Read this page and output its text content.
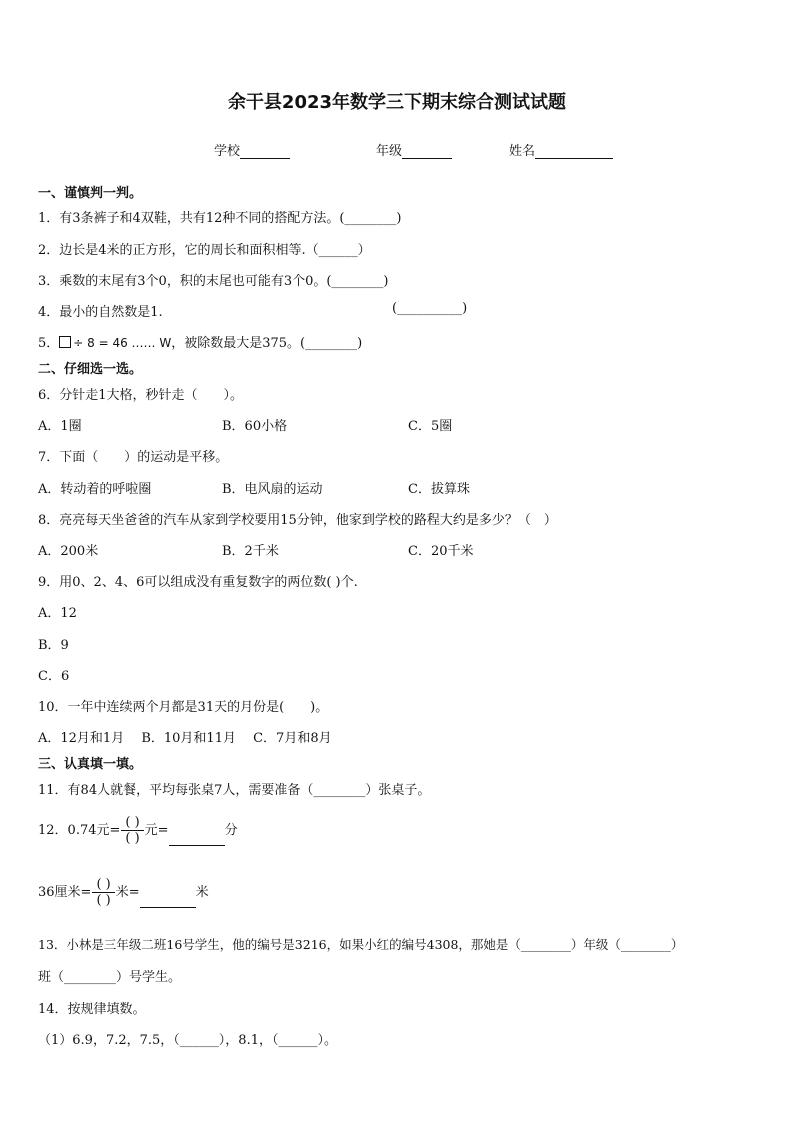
余干县2023年数学三下期末综合测试试题
学校	年级	姓名
一、谨慎判一判。
1．有3条裤子和4双鞋，共有12种不同的搭配方法。(________)
2．边长是4米的正方形，它的周长和面积相等.（______）
3．乘数的末尾有3个0，积的末尾也可能有3个0。(________)
4．最小的自然数是1.	(__________)
5． ÷ 8 = 46 …… W，被除数最大是375。(________)
二、仔细选一选。
6．分针走1大格，秒针走（　　）。
A．1圈	B．60小格	C．5圈
7．下面（　　）的运动是平移。
A．转动着的呼啦圈	B．电风扇的运动	C．拔算珠
8．亮亮每天坐爸爸的汽车从家到学校要用15分钟，他家到学校的路程大约是多少？（　）
A．200米	B．2千米	C．20千米
9．用0、2、4、6可以组成没有重复数字的两位数( )个.
A．12
B．9
C．6
10．一年中连续两个月都是31天的月份是(　　)。
A．12月和1月　 B．10月和11月　 C．7月和8月
三、认真填一填。
11．有84人就餐，平均每张桌7人，需要准备（________）张桌子。
12．0.74元= $\frac{( )}{( )}$ 元=	分
36厘米= $\frac{( )}{( )}$ 米=	米
13．小林是三年级二班16号学生，他的编号是3216，如果小红的编号4308，那她是（________）年级（________）
班（________）号学生。
14．按规律填数。
（1）6.9，7.2，7.5，（______），8.1，（______）。
